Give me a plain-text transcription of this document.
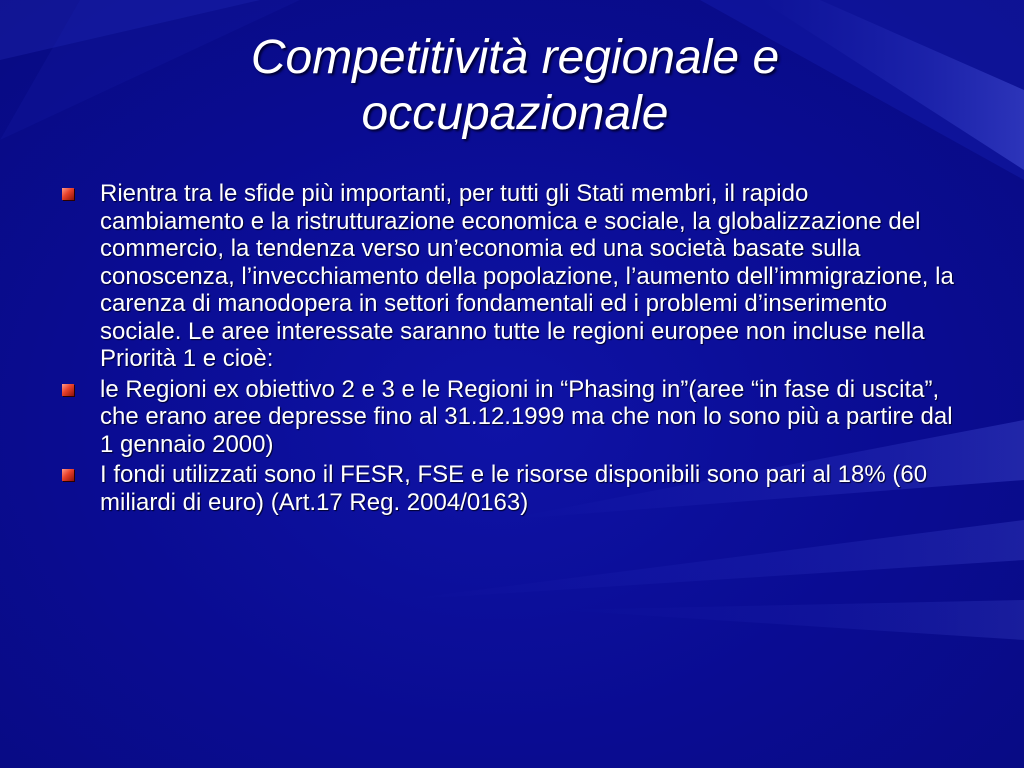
Competitività regionale e occupazionale
Rientra tra le sfide più importanti, per tutti gli Stati membri, il rapido cambiamento e la ristrutturazione economica e sociale, la globalizzazione del commercio, la tendenza verso un’economia ed una società basate sulla conoscenza, l’invecchiamento della popolazione, l’aumento dell’immigrazione, la carenza di manodopera in settori fondamentali ed i problemi d’inserimento sociale. Le aree interessate saranno tutte le regioni europee non incluse nella Priorità 1 e cioè:
le Regioni ex obiettivo 2 e 3 e le Regioni in “Phasing in”(aree “in fase di uscita”, che erano aree depresse fino al 31.12.1999 ma che non lo sono più a partire dal 1 gennaio 2000)
I fondi utilizzati sono il FESR, FSE e le risorse disponibili sono pari al 18% (60 miliardi di euro) (Art.17 Reg. 2004/0163)
